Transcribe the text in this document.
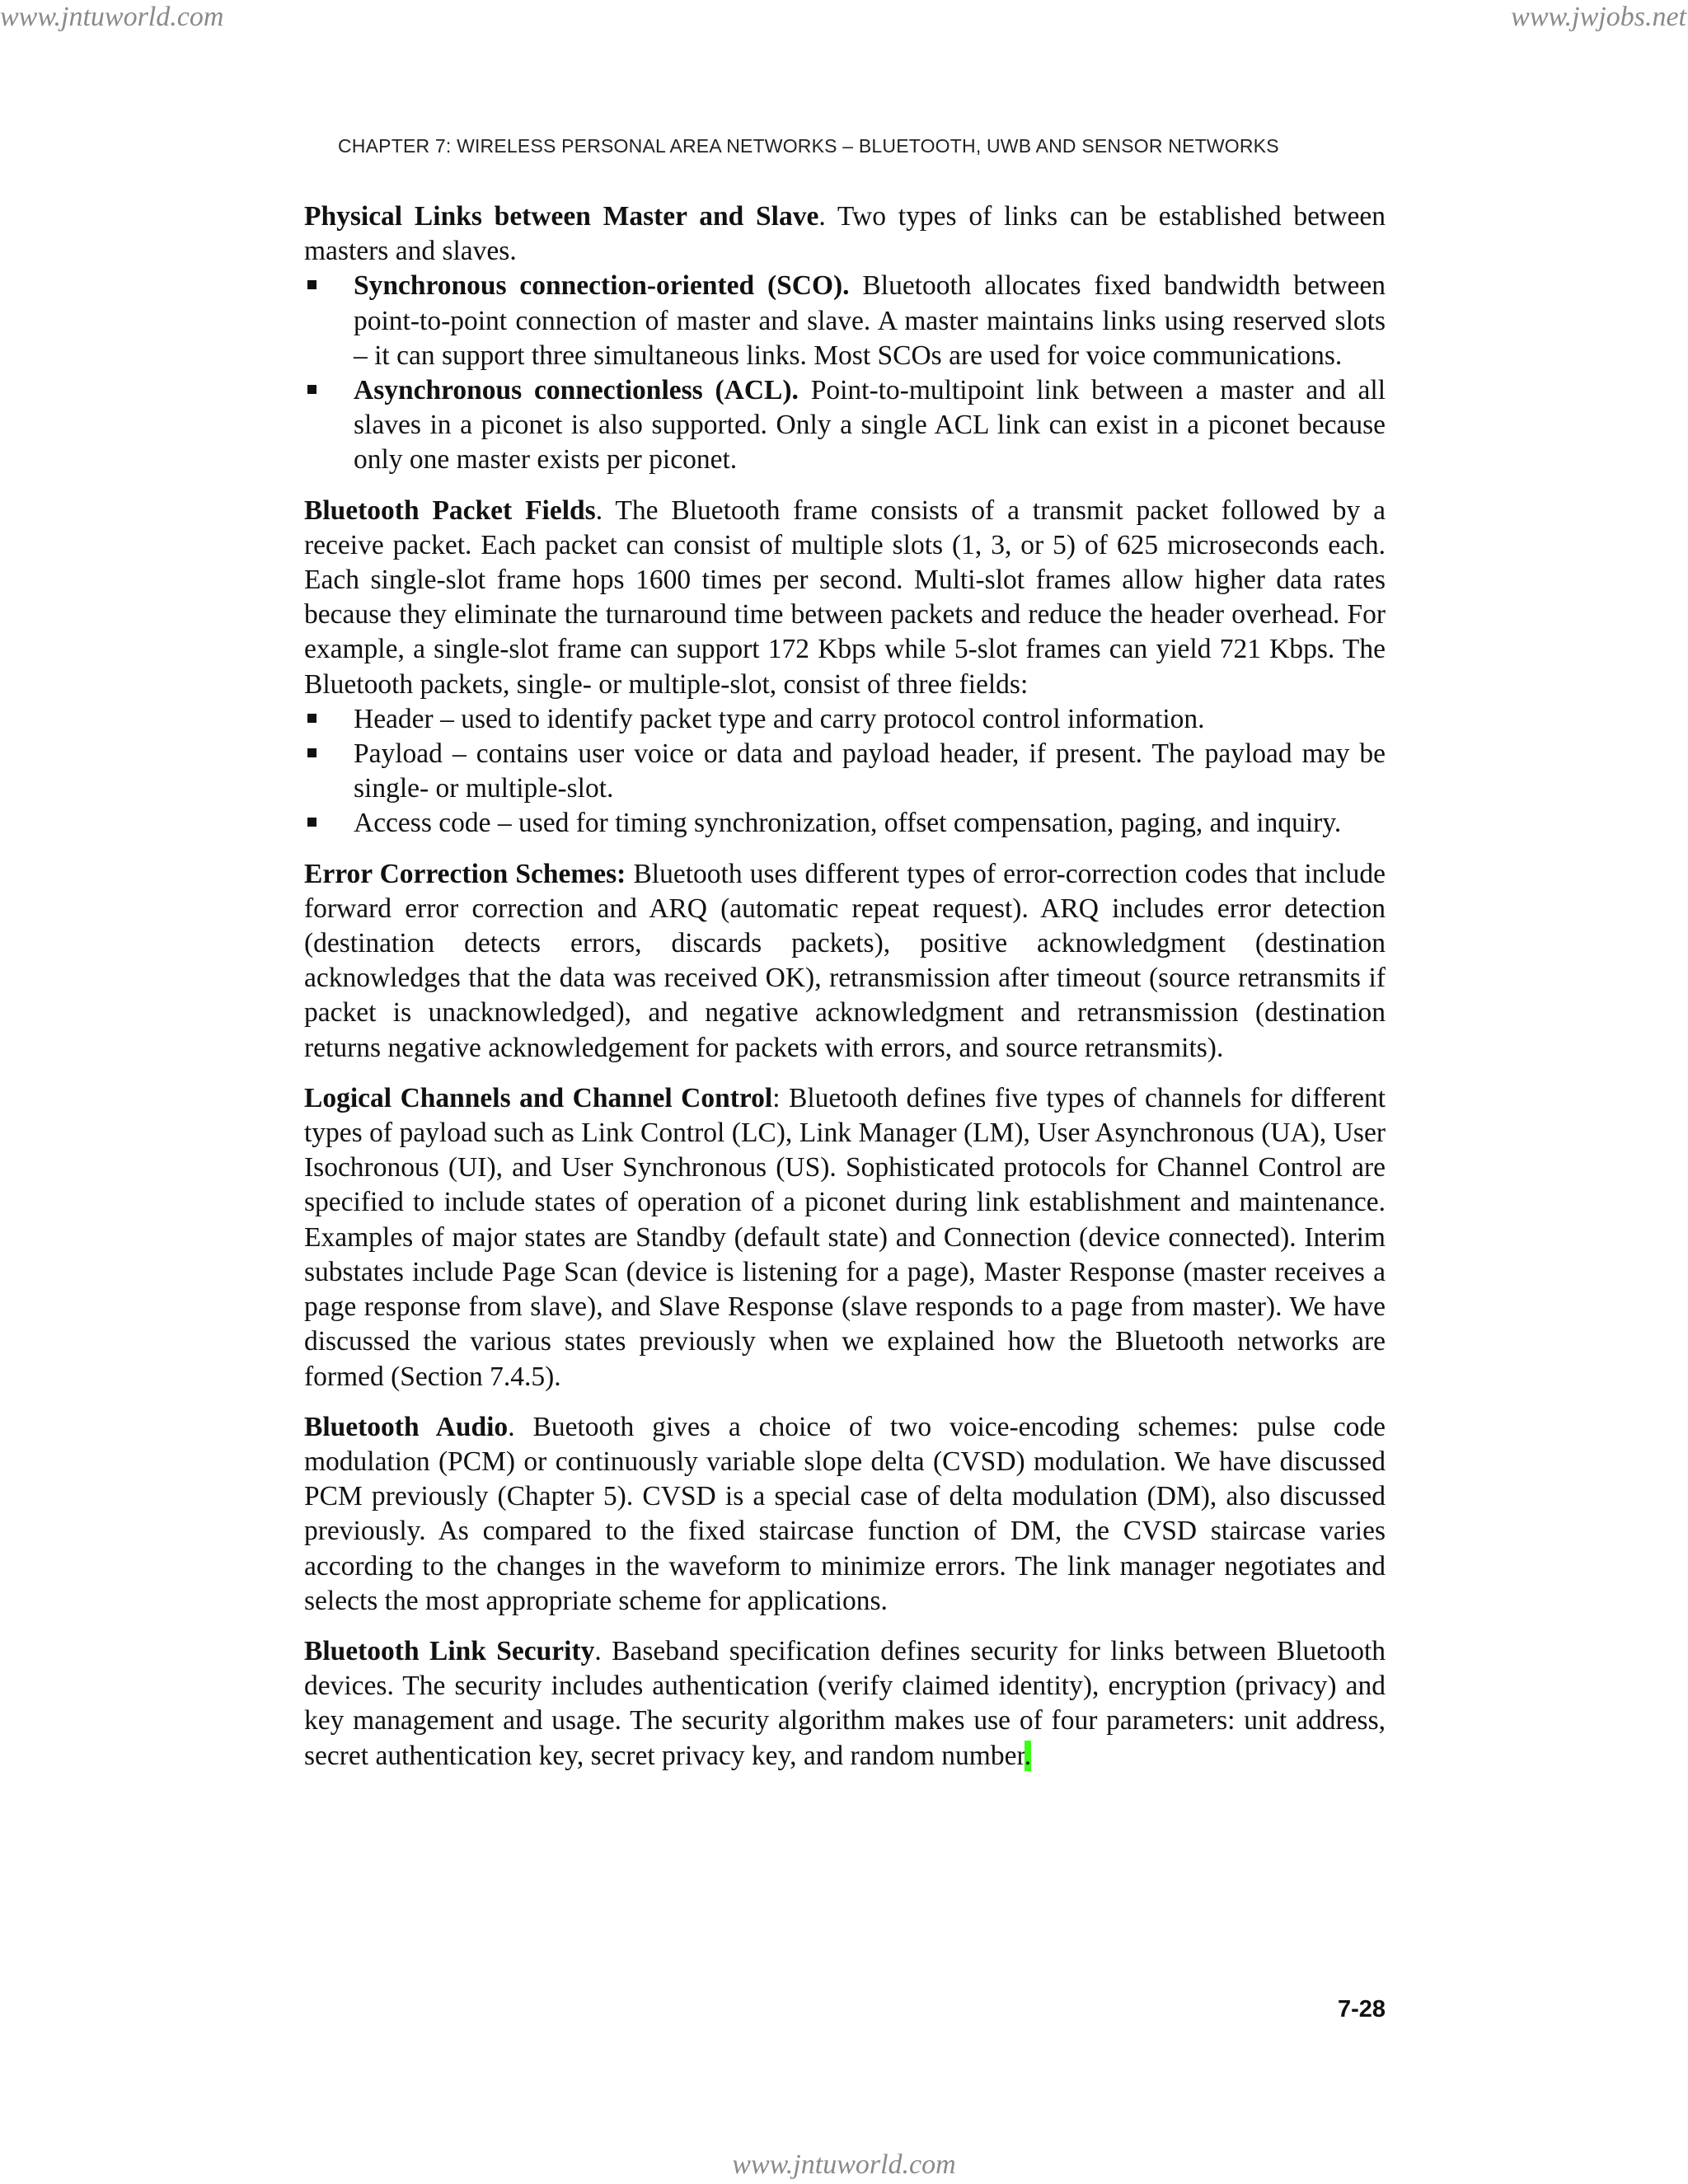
www.jntuworld.com	www.jwjobs.net
CHAPTER 7: WIRELESS PERSONAL AREA NETWORKS – BLUETOOTH, UWB AND SENSOR NETWORKS

Physical Links between Master and Slave. Two types of links can be established between masters and slaves.

Synchronous connection-oriented (SCO). Bluetooth allocates fixed bandwidth between point-to-point connection of master and slave. A master maintains links using reserved slots – it can support three simultaneous links. Most SCOs are used for voice communications.
Asynchronous connectionless (ACL). Point-to-multipoint link between a master and all slaves in a piconet is also supported. Only a single ACL link can exist in a piconet because only one master exists per piconet.

Bluetooth Packet Fields. The Bluetooth frame consists of a transmit packet followed by a receive packet. Each packet can consist of multiple slots (1, 3, or 5) of 625 microseconds each. Each single-slot frame hops 1600 times per second. Multi-slot frames allow higher data rates because they eliminate the turnaround time between packets and reduce the header overhead. For example, a single-slot frame can support 172 Kbps while 5-slot frames can yield 721 Kbps. The Bluetooth packets, single- or multiple-slot, consist of three fields:

Header – used to identify packet type and carry protocol control information.
Payload – contains user voice or data and payload header, if present. The payload may be single- or multiple-slot.
Access code – used for timing synchronization, offset compensation, paging, and inquiry.

Error Correction Schemes: Bluetooth uses different types of error-correction codes that include forward error correction and ARQ (automatic repeat request). ARQ includes error detection (destination detects errors, discards packets), positive acknowledgment (destination acknowledges that the data was received OK), retransmission after timeout (source retransmits if packet is unacknowledged), and negative acknowledgment and retransmission (destination returns negative acknowledgement for packets with errors, and source retransmits).

Logical Channels and Channel Control: Bluetooth defines five types of channels for different types of payload such as Link Control (LC), Link Manager (LM), User Asynchronous (UA), User Isochronous (UI), and User Synchronous (US). Sophisticated protocols for Channel Control are specified to include states of operation of a piconet during link establishment and maintenance. Examples of major states are Standby (default state) and Connection (device connected). Interim substates include Page Scan (device is listening for a page), Master Response (master receives a page response from slave), and Slave Response (slave responds to a page from master). We have discussed the various states previously when we explained how the Bluetooth networks are formed (Section 7.4.5).

Bluetooth Audio. Buetooth gives a choice of two voice-encoding schemes: pulse code modulation (PCM) or continuously variable slope delta (CVSD) modulation. We have discussed PCM previously (Chapter 5). CVSD is a special case of delta modulation (DM), also discussed previously. As compared to the fixed staircase function of DM, the CVSD staircase varies according to the changes in the waveform to minimize errors. The link manager negotiates and selects the most appropriate scheme for applications.

Bluetooth Link Security. Baseband specification defines security for links between Bluetooth devices. The security includes authentication (verify claimed identity), encryption (privacy) and key management and usage. The security algorithm makes use of four parameters: unit address, secret authentication key, secret privacy key, and random number.

7-28
www.jntuworld.com
